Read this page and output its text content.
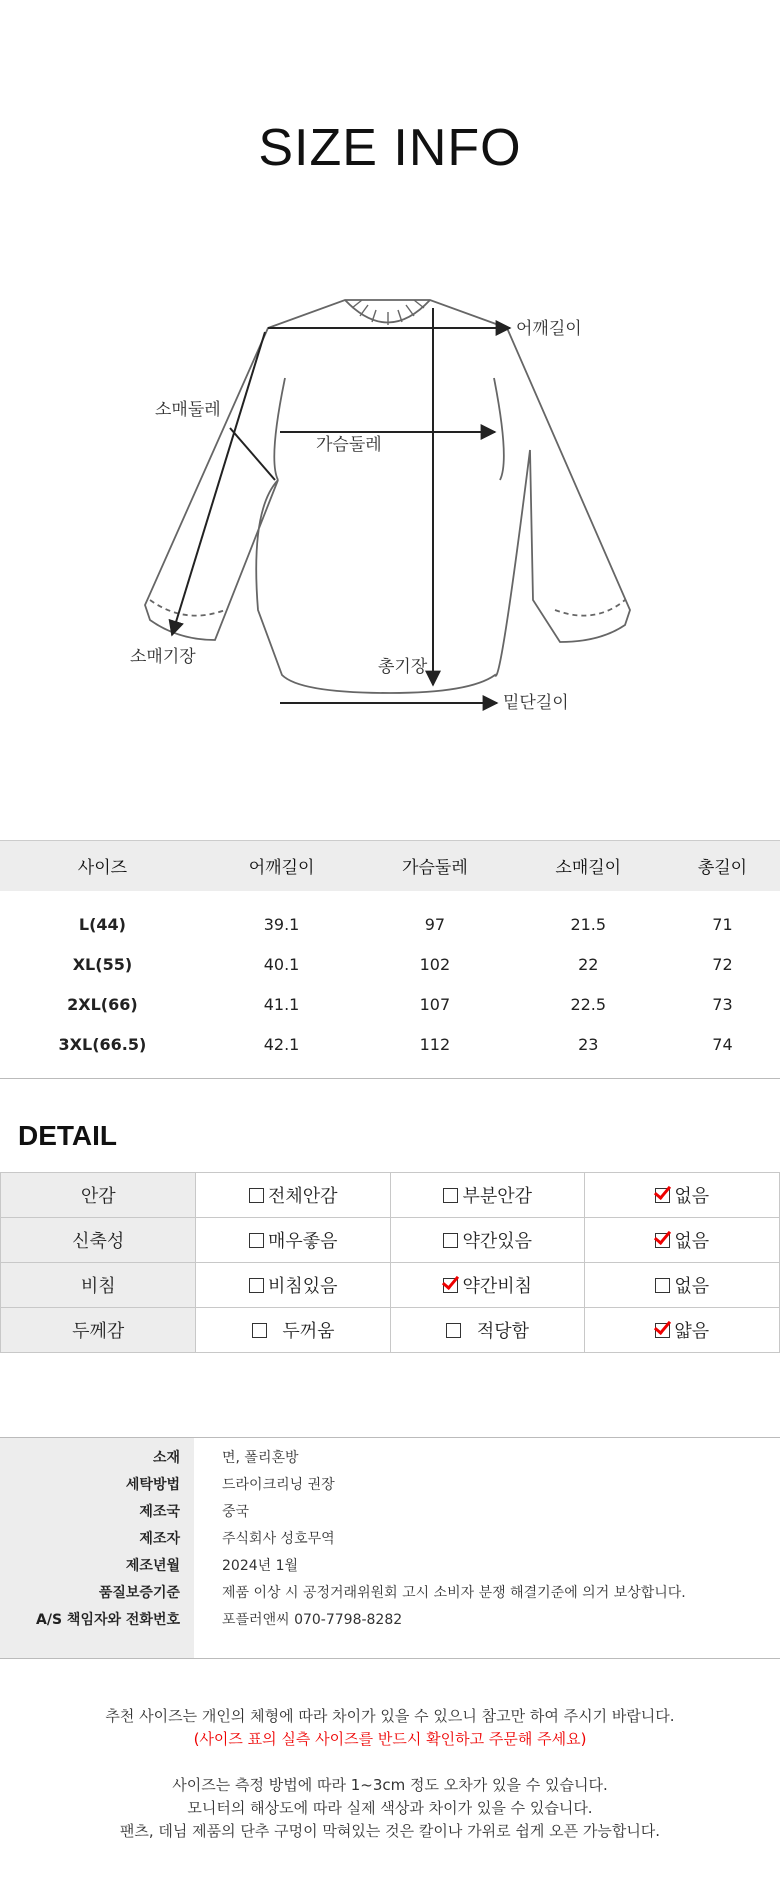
SIZE INFO
어깨길이
소매둘레
가슴둘레
소매기장	총기장
밑단길이
사이즈	어깨길이	가슴둘레	소매길이	총길이
L(44)	39.1	97	21.5	71
XL(55)	40.1	102	22	72
2XL(66)	41.1	107	22.5	73
3XL(66.5)	42.1	112	23	74
DETAIL
안감	전체안감	부분안감	없음
신축성	매우좋음	약간있음	없음
비침	비침있음	약간비침	없음
두께감	두꺼움	적당함	얇음
소재	면, 폴리혼방
세탁방법	드라이크리닝 권장
제조국	중국
제조자	주식회사 성호무역
제조년월	2024년 1월
품질보증기준	제품 이상 시 공정거래위원회 고시 소비자 분쟁 해결기준에 의거 보상합니다.
A/S 책임자와 전화번호	포플러앤씨 070-7798-8282
추천 사이즈는 개인의 체형에 따라 차이가 있을 수 있으니 참고만 하여 주시기 바랍니다.
(사이즈 표의 실측 사이즈를 반드시 확인하고 주문해 주세요)
사이즈는 측정 방법에 따라 1~3cm 정도 오차가 있을 수 있습니다.
모니터의 해상도에 따라 실제 색상과 차이가 있을 수 있습니다.
팬츠, 데님 제품의 단추 구멍이 막혀있는 것은 칼이나 가위로 쉽게 오픈 가능합니다.
